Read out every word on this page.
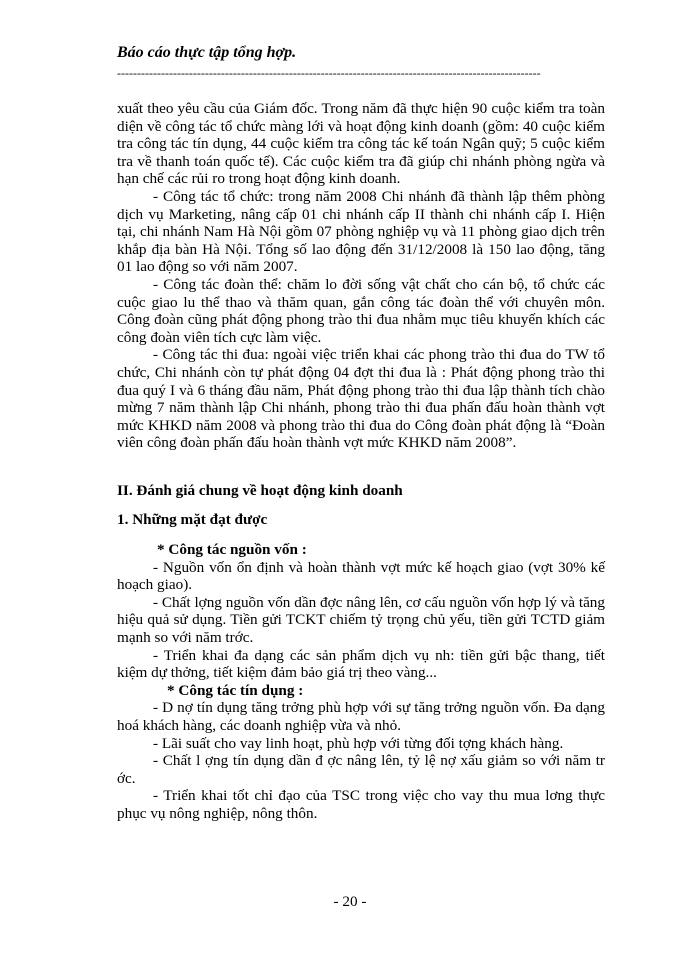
Báo cáo thực tập tổng hợp.
----------------------------------------------------------------------------------------------------------

xuất theo yêu cầu của Giám đốc. Trong năm đã thực hiện 90 cuộc kiểm tra toàn diện về công tác tổ chức màng lới và hoạt động kinh doanh (gồm: 40 cuộc kiểm tra công tác tín dụng, 44 cuộc kiểm tra công tác kế toán Ngân quỹ; 5 cuộc kiểm tra về thanh toán quốc tế). Các cuộc kiểm tra đã giúp chi nhánh phòng ngừa và hạn chế các rủi ro trong hoạt động kinh doanh.

- Công tác tổ chức: trong năm 2008 Chi nhánh đã thành lập thêm phòng dịch vụ Marketing, nâng cấp 01 chi nhánh cấp II thành chi nhánh cấp I. Hiện tại, chi nhánh Nam Hà Nội gồm 07 phòng nghiệp vụ và 11 phòng giao dịch trên khắp địa bàn Hà Nội. Tổng số lao động đến 31/12/2008 là 150 lao động, tăng 01 lao động so với năm 2007.

- Công tác đoàn thể: chăm lo đời sống vật chất cho cán bộ, tổ chức các cuộc giao lu thể thao và thăm quan, gắn công tác đoàn thể với chuyên môn. Công đoàn cũng phát động phong trào thi đua nhằm mục tiêu khuyến khích các công đoàn viên tích cực làm việc.

- Công tác thi đua: ngoài việc triển khai các phong trào thi đua do TW tổ chức, Chi nhánh còn tự phát động 04 đợt thi đua là : Phát động phong trào thi đua quý I và 6 tháng đầu năm, Phát động phong trào thi đua lập thành tích chào mừng 7 năm thành lập Chi nhánh, phong trào thi đua phấn đấu hoàn thành vợt mức KHKD năm 2008 và phong trào thi đua do Công đoàn phát động là “Đoàn viên công đoàn phấn đấu hoàn thành vợt mức KHKD năm 2008”.

II. Đánh giá chung về hoạt động kinh doanh

1. Những mặt đạt được

* Công tác nguồn vốn :

- Nguồn vốn ổn định và hoàn thành vợt mức kế hoạch giao (vợt 30% kế hoạch giao).

- Chất lợng nguồn vốn dần đợc nâng lên, cơ cấu nguồn vốn hợp lý và tăng hiệu quả sử dụng. Tiền gửi TCKT chiếm tỷ trọng chủ yếu, tiền gửi TCTD giảm mạnh so với năm trớc.

- Triển khai đa dạng các sản phẩm dịch vụ nh: tiền gửi bậc thang, tiết kiệm dự thởng, tiết kiệm đảm bảo giá trị theo vàng...

* Công tác tín dụng :

- D nợ tín dụng tăng trởng phù hợp với sự tăng trởng nguồn vốn. Đa dạng hoá khách hàng, các doanh nghiệp vừa và nhỏ.

- Lãi suất cho vay linh hoạt, phù hợp với từng đối tợng khách hàng.

- Chất l ợng tín dụng dần đ ợc nâng lên, tỷ lệ nợ xấu giảm so với năm tr ớc.

- Triển khai tốt chỉ đạo của TSC trong việc cho vay thu mua lơng thực phục vụ nông nghiệp, nông thôn.

- 20 -
